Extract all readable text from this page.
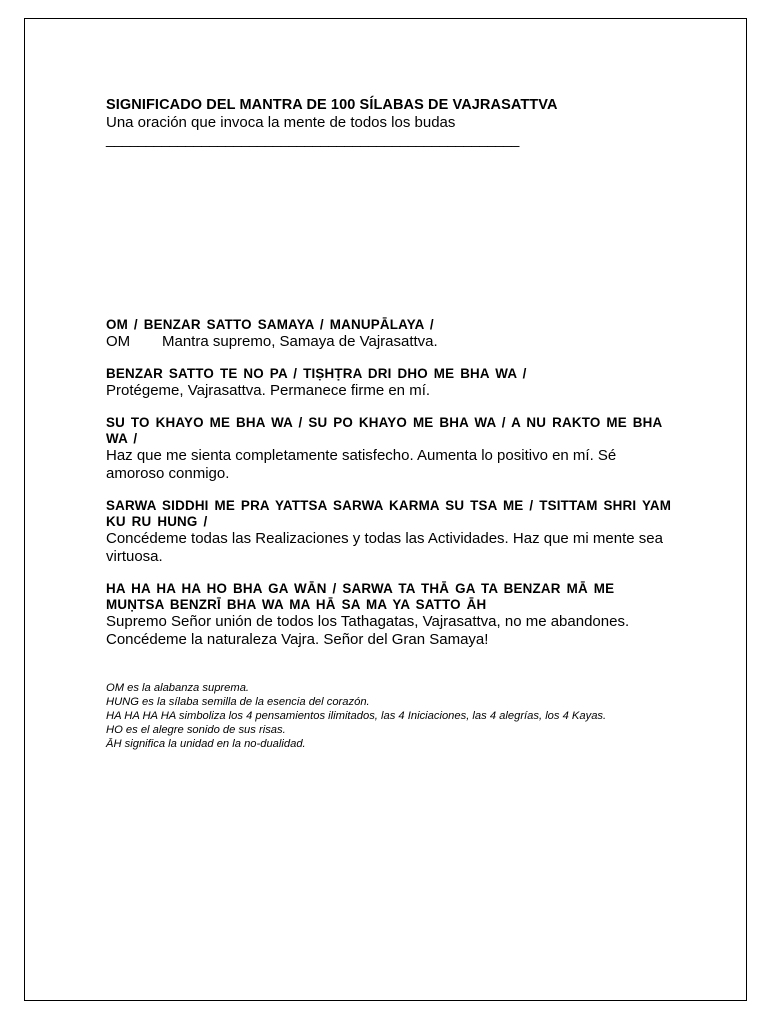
SIGNIFICADO DEL MANTRA DE 100 SÍLABAS DE VAJRASATTVA

Una oración que invoca la mente de todos los budas

____________________________________________________

OM / BENZAR SATTO SAMAYA / MANUPĀLAYA /

OM	Mantra supremo, Samaya de Vajrasattva.

BENZAR SATTO TE NO PA / TIṢHṬRA DRI DHO ME BHA WA /

Protégeme, Vajrasattva. Permanece firme en mí.

SU TO KHAYO ME BHA WA / SU PO KHAYO ME BHA WA / A NU RAKTO ME BHA WA /

Haz que me sienta completamente satisfecho. Aumenta lo positivo en mí. Sé amoroso conmigo.

SARWA SIDDHI ME PRA YATTSA SARWA KARMA SU TSA ME / TSITTAM SHRI YAM KU RU HUNG /

Concédeme todas las Realizaciones y todas las Actividades. Haz que mi mente sea virtuosa.

HA HA HA HA HO BHA GA WĀN / SARWA TA THĀ GA TA BENZAR MĀ ME MUṆTSA BENZRĪ BHA WA MA HĀ SA MA YA SATTO ĀH

Supremo Señor unión de todos los Tathagatas, Vajrasattva, no me abandones. Concédeme la naturaleza Vajra. Señor del Gran Samaya!

OM es la alabanza suprema.

HUNG es la sílaba semilla de la esencia del corazón.

HA HA HA HA simboliza los 4 pensamientos ilimitados, las 4 Iniciaciones, las 4 alegrías, los 4 Kayas. HO es el alegre sonido de sus risas.

ĀH significa la unidad en la no-dualidad.
